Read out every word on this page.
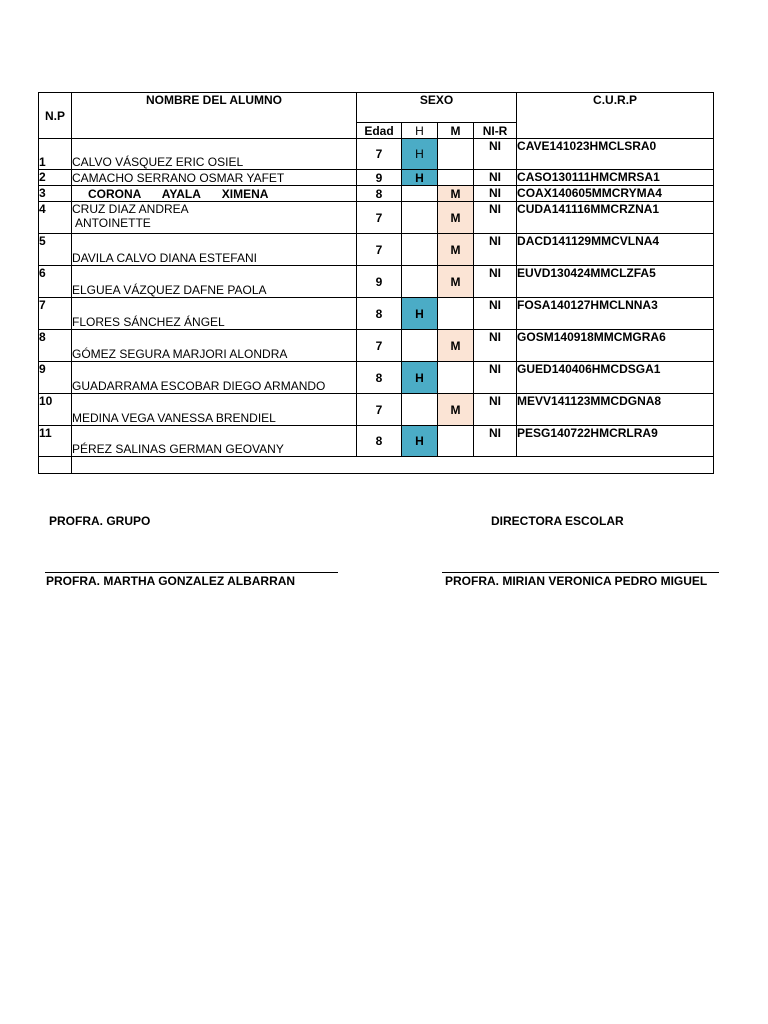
N.P	NOMBRE DEL ALUMNO	SEXO				C.U.R.P
		Edad	H	M	NI-R	
1	CALVO VÁSQUEZ ERIC OSIEL	7	H		NI	CAVE141023HMCLSRA0
2	CAMACHO SERRANO OSMAR YAFET	9	H		NI	CASO130111HMCMRSA1
3	CORONA AYALA XIMENA	8		M	NI	COAX140605MMCRYMA4
4	CRUZ DIAZ ANDREA
ANTOINETTE	7		M	NI	CUDA141116MMCRZNA1
5	DAVILA CALVO DIANA ESTEFANI	7		M	NI	DACD141129MMCVLNA4
6	ELGUEA VÁZQUEZ DAFNE PAOLA	9		M	NI	EUVD130424MMCLZFA5
7	FLORES SÁNCHEZ ÁNGEL	8	H		NI	FOSA140127HMCLNNA3
8	GÓMEZ SEGURA MARJORI ALONDRA	7		M	NI	GOSM140918MMCMGRA6
9	GUADARRAMA ESCOBAR DIEGO ARMANDO	8	H		NI	GUED140406HMCDSGA1
10	MEDINA VEGA VANESSA BRENDIEL	7		M	NI	MEVV141123MMCDGNA8
11	PÉREZ SALINAS GERMAN GEOVANY	8	H		NI	PESG140722HMCRLRA9

PROFRA. GRUPO	DIRECTORA ESCOLAR
PROFRA. MARTHA GONZALEZ ALBARRAN	PROFRA. MIRIAN VERONICA PEDRO MIGUEL
